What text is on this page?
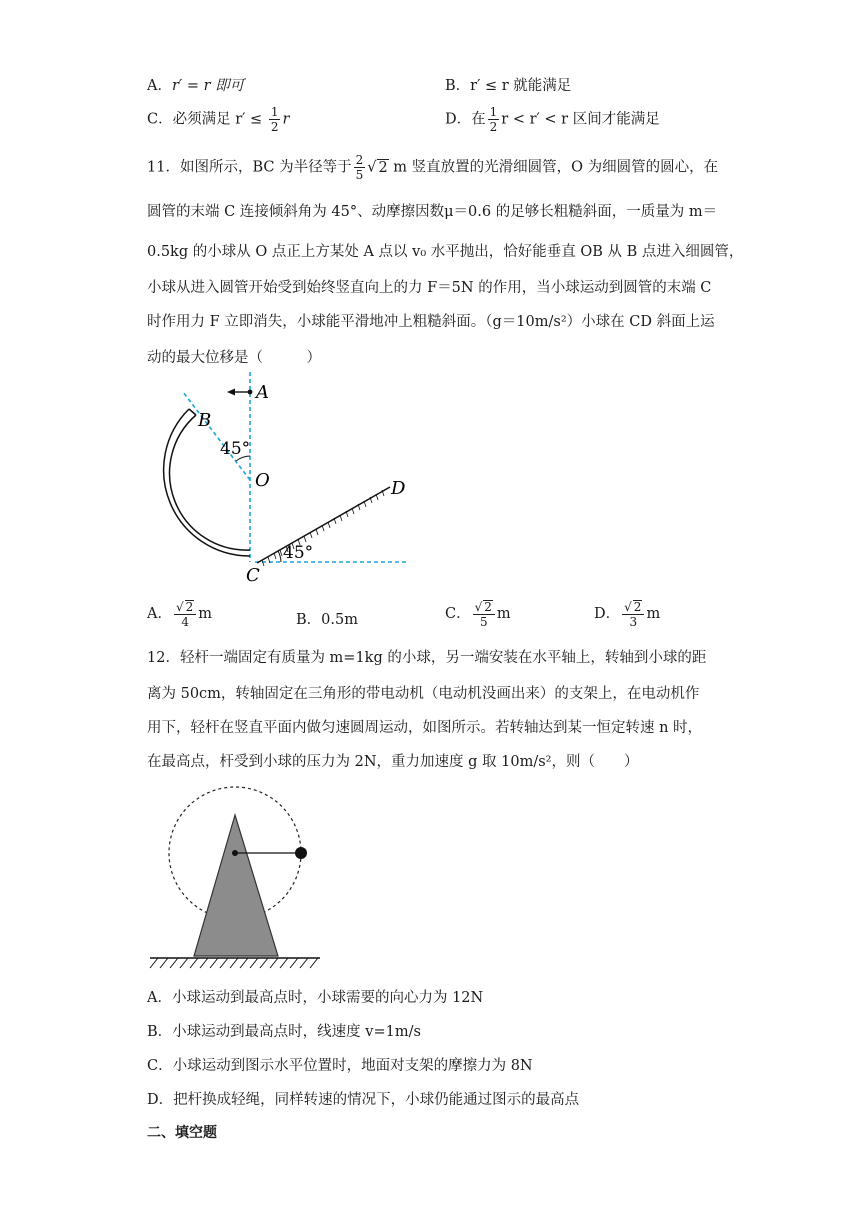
A．r′ = r 即可	B．r′ ≤ r 就能满足
C．必须满足 $r' \le \frac{1}{2}$ r	D．在 $\frac{1}{2}$ r < r′ < r 区间才能满足
11．如图所示，BC 为半径等于 $\frac{2}{5}$ √ 2 m 竖直放置的光滑细圆管，O 为细圆管的圆心，在
圆管的末端 C 连接倾斜角为 45°、动摩擦因数μ＝0.6 的足够长粗糙斜面，一质量为 m＝
0.5kg 的小球从 O 点正上方某处 A 点以 v₀ 水平抛出，恰好能垂直 OB 从 B 点进入细圆管，
小球从进入圆管开始受到始终竖直向上的力 F＝5N 的作用，当小球运动到圆管的末端 C
时作用力 F 立即消失，小球能平滑地冲上粗糙斜面。（g＝10m/s²）小球在 CD 斜面上运
动的最大位移是（　　　）
A
B
O
C
D
45°
45°
A． $\frac{√ 2}{4}$ m	B．0.5m	C． $\frac{√ 2}{5}$ m	D． $\frac{√ 2}{3}$ m
12．轻杆一端固定有质量为 m=1kg 的小球，另一端安装在水平轴上，转轴到小球的距
离为 50cm，转轴固定在三角形的带电动机（电动机没画出来）的支架上，在电动机作
用下，轻杆在竖直平面内做匀速圆周运动，如图所示。若转轴达到某一恒定转速 n 时，
在最高点，杆受到小球的压力为 2N，重力加速度 g 取 10m/s²，则（　　）
A．小球运动到最高点时，小球需要的向心力为 12N
B．小球运动到最高点时，线速度 v=1m/s
C．小球运动到图示水平位置时，地面对支架的摩擦力为 8N
D．把杆换成轻绳，同样转速的情况下，小球仍能通过图示的最高点
二、填空题
